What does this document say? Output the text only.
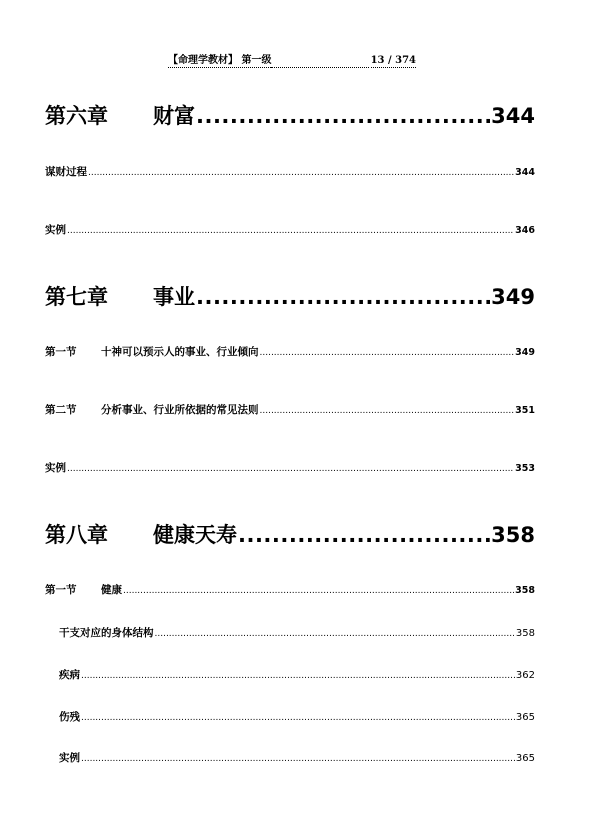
【命理学教材】 第一级	13 / 374
第六章	财富 .....	344
谋财过程 .....	344
实例 .....	346
第七章	事业 .....	349
第一节	十神可以预示人的事业、行业倾向 .....	349
第二节	分析事业、行业所依据的常见法则 .....	351
实例 .....	353
第八章	健康天寿 .....	358
第一节	健康 .....	358
干支对应的身体结构 .....	358
疾病 .....	362
伤残 .....	365
实例 .....	365
